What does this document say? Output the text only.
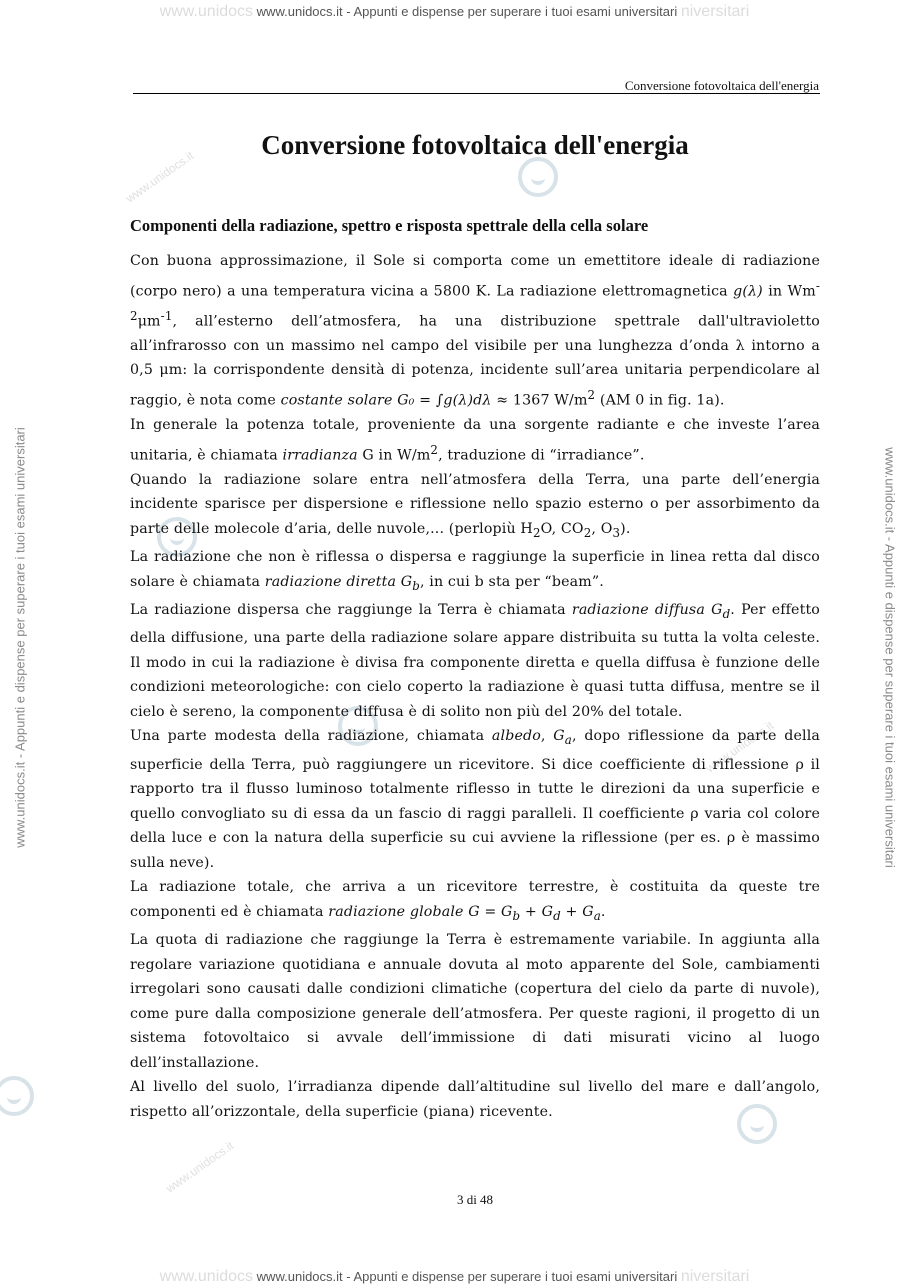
www.unidocs www.unidocs.it - Appunti e dispense per superare i tuoi esami universitari niversitari
www.unidocs www.unidocs.it - Appunti e dispense per superare i tuoi esami universitari niversitari
www.unidocs.it - Appunti e dispense per superare i tuoi esami universitari	www.unidocs.it - Appunti e dispense per superare i tuoi esami universitari
www.unidocs.it
www.unidocs.it
www.unidocs.it
Conversione fotovoltaica dell'energia
Conversione fotovoltaica dell'energia
Componenti della radiazione, spettro e risposta spettrale della cella solare

Con buona approssimazione, il Sole si comporta come un emettitore ideale di radiazione (corpo nero) a una temperatura vicina a 5800 K. La radiazione elettromagnetica g(λ) in $Wm^{-2}\mu m^{-1}$, all’esterno dell’atmosfera, ha una distribuzione spettrale dall'ultravioletto all’infrarosso con un massimo nel campo del visibile per una lunghezza d’onda λ intorno a 0,5 μm: la corrispondente densità di potenza, incidente sull’area unitaria perpendicolare al raggio, è nota come costante solare G₀ = ∫g(λ)dλ ≈ 1367 $W/m^2$ (AM 0 in fig. 1a).

In generale la potenza totale, proveniente da una sorgente radiante e che investe l’area unitaria, è chiamata irradianza G in $W/m^2$, traduzione di “irradiance”.

Quando la radiazione solare entra nell’atmosfera della Terra, una parte dell’energia incidente sparisce per dispersione e riflessione nello spazio esterno o per assorbimento da parte delle molecole d’aria, delle nuvole,... (perlopiù $H_2O$, $CO_2$, $O_3$).

La radiazione che non è riflessa o dispersa e raggiunge la superficie in linea retta dal disco solare è chiamata radiazione diretta $G_b$, in cui b sta per “beam”.

La radiazione dispersa che raggiunge la Terra è chiamata radiazione diffusa $G_d$. Per effetto della diffusione, una parte della radiazione solare appare distribuita su tutta la volta celeste. Il modo in cui la radiazione è divisa fra componente diretta e quella diffusa è funzione delle condizioni meteorologiche: con cielo coperto la radiazione è quasi tutta diffusa, mentre se il cielo è sereno, la componente diffusa è di solito non più del 20% del totale.

Una parte modesta della radiazione, chiamata albedo, $G_a$, dopo riflessione da parte della superficie della Terra, può raggiungere un ricevitore. Si dice coefficiente di riflessione ρ il rapporto tra il flusso luminoso totalmente riflesso in tutte le direzioni da una superficie e quello convogliato su di essa da un fascio di raggi paralleli. Il coefficiente ρ varia col colore della luce e con la natura della superficie su cui avviene la riflessione (per es. ρ è massimo sulla neve).

La radiazione totale, che arriva a un ricevitore terrestre, è costituita da queste tre componenti ed è chiamata radiazione globale $G = G_b + G_d + G_a$.

La quota di radiazione che raggiunge la Terra è estremamente variabile. In aggiunta alla regolare variazione quotidiana e annuale dovuta al moto apparente del Sole, cambiamenti irregolari sono causati dalle condizioni climatiche (copertura del cielo da parte di nuvole), come pure dalla composizione generale dell’atmosfera. Per queste ragioni, il progetto di un sistema fotovoltaico si avvale dell’immissione di dati misurati vicino al luogo dell’installazione.

Al livello del suolo, l’irradianza dipende dall’altitudine sul livello del mare e dall’angolo, rispetto all’orizzontale, della superficie (piana) ricevente.

3 di 48
